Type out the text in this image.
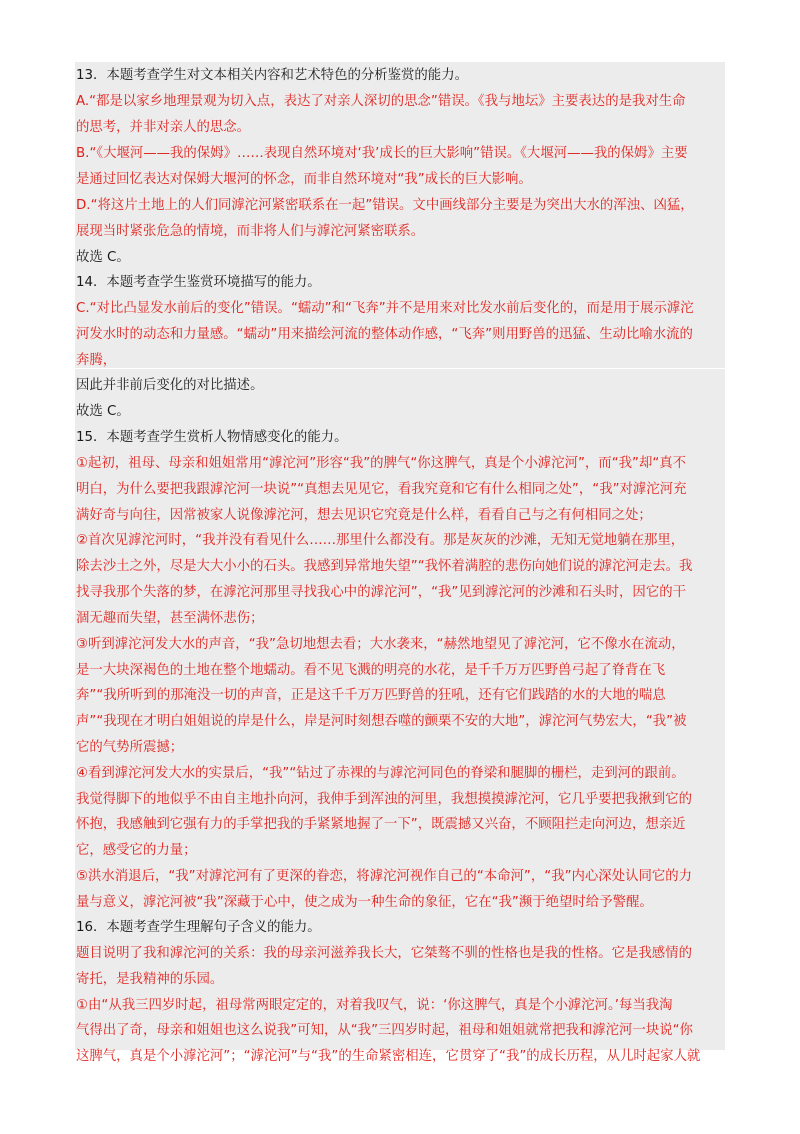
13．本题考查学生对文本相关内容和艺术特色的分析鉴赏的能力。
A.“都是以家乡地理景观为切入点，表达了对亲人深切的思念”错误。《我与地坛》主要表达的是我对生命
的思考，并非对亲人的思念。
B.“《大堰河——我的保姆》……表现自然环境对‘我’成长的巨大影响”错误。《大堰河——我的保姆》主要
是通过回忆表达对保姆大堰河的怀念，而非自然环境对“我”成长的巨大影响。
D.“将这片土地上的人们同滹沱河紧密联系在一起”错误。文中画线部分主要是为突出大水的浑浊、凶猛，
展现当时紧张危急的情境，而非将人们与滹沱河紧密联系。
故选 C。
14．本题考查学生鉴赏环境描写的能力。
C.“对比凸显发水前后的变化”错误。“蠕动”和“飞奔”并不是用来对比发水前后变化的，而是用于展示滹沱
河发水时的动态和力量感。“蠕动”用来描绘河流的整体动作感，“飞奔”则用野兽的迅猛、生动比喻水流的
奔腾，
因此并非前后变化的对比描述。
故选 C。
15．本题考查学生赏析人物情感变化的能力。
①起初，祖母、母亲和姐姐常用“滹沱河”形容“我”的脾气“你这脾气，真是个小滹沱河”，而“我”却“真不
明白，为什么要把我跟滹沱河一块说”“真想去见见它，看我究竟和它有什么相同之处”，“我”对滹沱河充
满好奇与向往，因常被家人说像滹沱河，想去见识它究竟是什么样，看看自己与之有何相同之处；
②首次见滹沱河时，“我并没有看见什么……那里什么都没有。那是灰灰的沙滩，无知无觉地躺在那里，
除去沙土之外，尽是大大小小的石头。我感到异常地失望”“我怀着满腔的悲伤向她们说的滹沱河走去。我
找寻我那个失落的梦，在滹沱河那里寻找我心中的滹沱河”，“我”见到滹沱河的沙滩和石头时，因它的干
涸无趣而失望，甚至满怀悲伤；
③听到滹沱河发大水的声音，“我”急切地想去看；大水袭来，“赫然地望见了滹沱河，它不像水在流动，
是一大块深褐色的土地在整个地蠕动。看不见飞溅的明亮的水花，是千千万万匹野兽弓起了脊背在飞
奔”“我所听到的那淹没一切的声音，正是这千千万万匹野兽的狂吼，还有它们践踏的水的大地的喘息
声”“我现在才明白姐姐说的岸是什么，岸是河时刻想吞噬的颤栗不安的大地”，滹沱河气势宏大，“我”被
它的气势所震撼；
④看到滹沱河发大水的实景后，“我”“钻过了赤裸的与滹沱河同色的脊梁和腿脚的栅栏，走到河的跟前。
我觉得脚下的地似乎不由自主地扑向河，我伸手到浑浊的河里，我想摸摸滹沱河，它几乎要把我揪到它的
怀抱，我感触到它强有力的手掌把我的手紧紧地握了一下”，既震撼又兴奋，不顾阻拦走向河边，想亲近
它，感受它的力量；
⑤洪水消退后，“我”对滹沱河有了更深的眷恋，将滹沱河视作自己的“本命河”，“我”内心深处认同它的力
量与意义，滹沱河被“我”深藏于心中，使之成为一种生命的象征，它在“我”濒于绝望时给予警醒。
16．本题考查学生理解句子含义的能力。
题目说明了我和滹沱河的关系：我的母亲河滋养我长大，它桀骜不驯的性格也是我的性格。它是我感情的
寄托，是我精神的乐园。
①由“从我三四岁时起，祖母常两眼定定的，对着我叹气，说：‘你这脾气，真是个小滹沱河。’每当我淘
气得出了奇，母亲和姐姐也这么说我”可知，从“我”三四岁时起，祖母和姐姐就常把我和滹沱河一块说“你
这脾气，真是个小滹沱河”；“滹沱河”与“我”的生命紧密相连，它贯穿了“我”的成长历程，从儿时起家人就
